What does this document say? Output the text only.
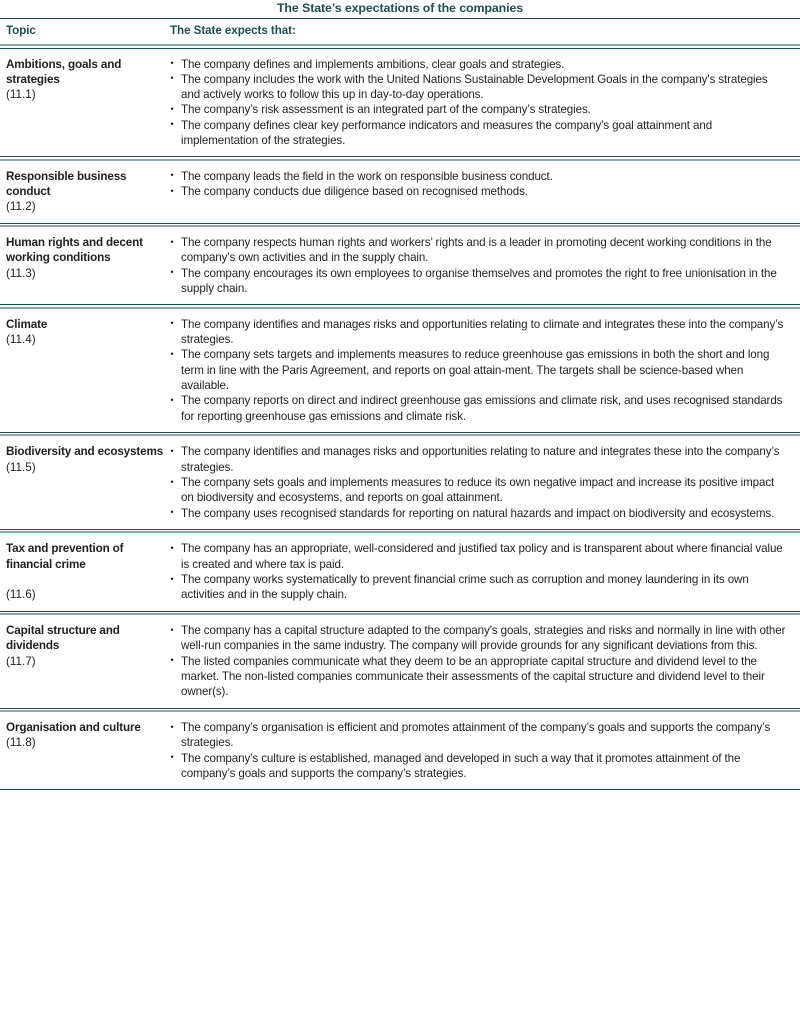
The State’s expectations of the companies
Topic	The State expects that:
Ambitions, goals and strategies
(11.1)
• The company defines and implements ambitions, clear goals and strategies.
• The company includes the work with the United Nations Sustainable Development Goals in the company's strategies and actively works to follow this up in day-to-day operations.
• The company’s risk assessment is an integrated part of the company’s strategies.
• The company defines clear key performance indicators and measures the company's goal attainment and implementation of the strategies.
Responsible business conduct
(11.2)
• The company leads the field in the work on responsible business conduct.
• The company conducts due diligence based on recognised methods.
Human rights and decent working conditions
(11.3)
• The company respects human rights and workers’ rights and is a leader in promoting decent working conditions in the company's own activities and in the supply chain.
• The company encourages its own employees to organise themselves and promotes the right to free unionisation in the supply chain.
Climate
(11.4)
• The company identifies and manages risks and opportunities relating to climate and integrates these into the company’s strategies.
• The company sets targets and implements measures to reduce greenhouse gas emissions in both the short and long term in line with the Paris Agreement, and reports on goal attain-ment. The targets shall be science-based when available.
• The company reports on direct and indirect greenhouse gas emissions and climate risk, and uses recognised standards for reporting greenhouse gas emissions and climate risk.
Biodiversity and ecosystems
(11.5)
• The company identifies and manages risks and opportunities relating to nature and integrates these into the company’s strategies.
• The company sets goals and implements measures to reduce its own negative impact and increase its positive impact on biodiversity and ecosystems, and reports on goal attainment.
• The company uses recognised standards for reporting on natural hazards and impact on biodiversity and ecosystems.
Tax and prevention of financial crime
(11.6)
• The company has an appropriate, well-considered and justified tax policy and is transparent about where financial value is created and where tax is paid.
• The company works systematically to prevent financial crime such as corruption and money laundering in its own activities and in the supply chain.
Capital structure and dividends
(11.7)
• The company has a capital structure adapted to the company's goals, strategies and risks and normally in line with other well-run companies in the same industry. The company will provide grounds for any significant deviations from this.
• The listed companies communicate what they deem to be an appropriate capital structure and dividend level to the market. The non-listed companies communicate their assessments of the capital structure and dividend level to their owner(s).
Organisation and culture
(11.8)
• The company’s organisation is efficient and promotes attainment of the company’s goals and supports the company’s strategies.
• The company’s culture is established, managed and developed in such a way that it promotes attainment of the company’s goals and supports the company’s strategies.
